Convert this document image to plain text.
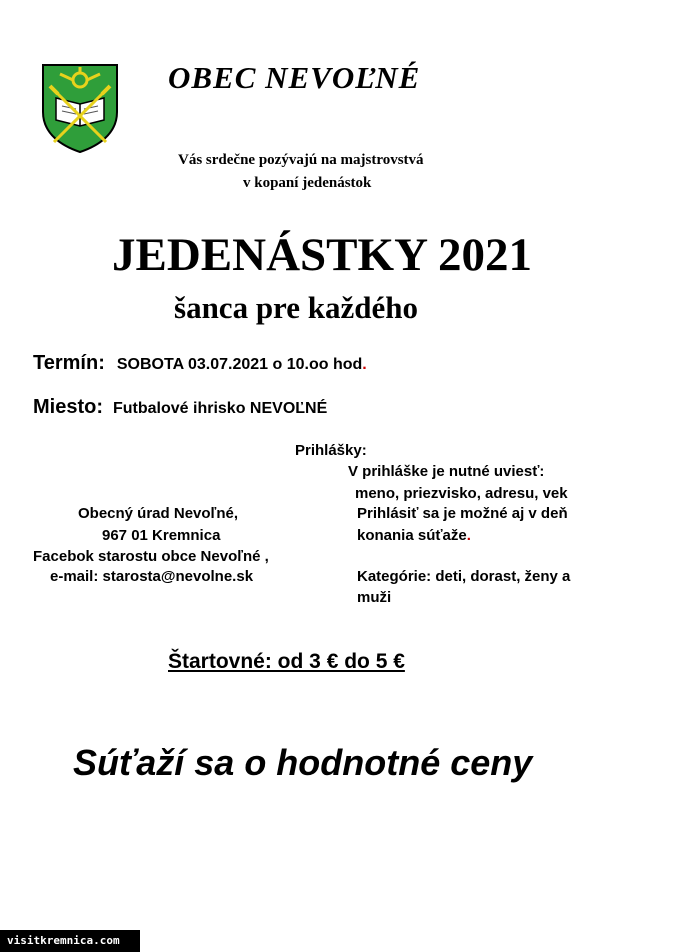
OBEC NEVOĽNÉ
Vás srdečne pozývajú na majstrovstvá
v kopaní jedenástok
JEDENÁSTKY 2021
šanca pre každého
Termín: SOBOTA 03.07.2021 o 10.oo hod.
Miesto: Futbalové ihrisko NEVOĽNÉ
Prihlášky:
V prihláške je nutné uviesť:
meno, priezvisko, adresu, vek
Prihlásiť sa je možné aj v deň
konania súťaže.
Kategórie: deti, dorast, ženy a
muži
Obecný úrad Nevoľné,
967 01 Kremnica
Facebok starostu obce Nevoľné ,
e-mail: starosta@nevolne.sk
Štartovné: od 3 € do 5 €
Súťaží sa o hodnotné ceny
visitkremnica.com
